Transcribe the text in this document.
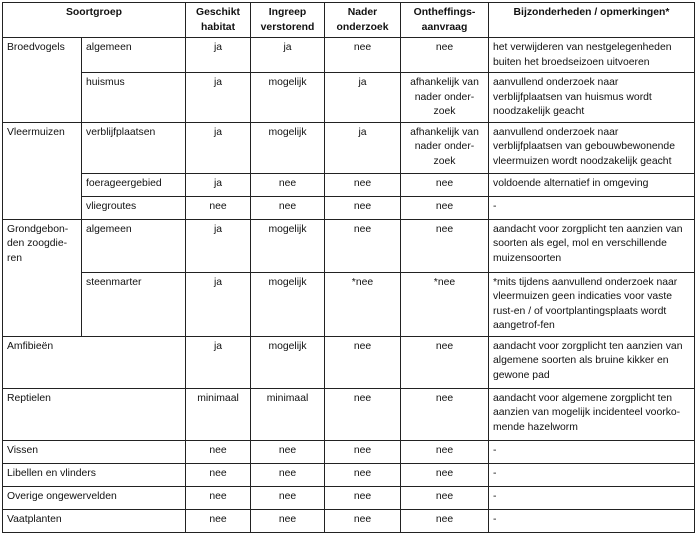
Soortgroep		Geschikt habitat	Ingreep verstorend	Nader onderzoek	Ontheffings-aanvraag	Bijzonderheden / opmerkingen*
Broedvogels	algemeen	ja	ja	nee	nee	het verwijderen van nestgelegenheden buiten het broedseizoen uitvoeren
	huismus	ja	mogelijk	ja	afhankelijk van nader onder-zoek	aanvullend onderzoek naar verblijfplaatsen van huismus wordt noodzakelijk geacht
Vleermuizen	verblijfplaatsen	ja	mogelijk	ja	afhankelijk van nader onder-zoek	aanvullend onderzoek naar verblijfplaatsen van gebouwbewonende vleermuizen wordt noodzakelijk geacht
	foerageergebied	ja	nee	nee	nee	voldoende alternatief in omgeving
	vliegroutes	nee	nee	nee	nee	-
Grondgebon-den zoogdie-ren	algemeen	ja	mogelijk	nee	nee	aandacht voor zorgplicht ten aanzien van soorten als egel, mol en verschillende muizensoorten
	steenmarter	ja	mogelijk	*nee	*nee	*mits tijdens aanvullend onderzoek naar vleermuizen geen indicaties voor vaste rust-en / of voortplantingsplaats wordt aangetrof-fen
Amfibieën		ja	mogelijk	nee	nee	aandacht voor zorgplicht ten aanzien van algemene soorten als bruine kikker en gewone pad
Reptielen		minimaal	minimaal	nee	nee	aandacht voor algemene zorgplicht ten aanzien van mogelijk incidenteel voorko-mende hazelworm
Vissen		nee	nee	nee	nee	-
Libellen en vlinders		nee	nee	nee	nee	-
Overige ongewervelden		nee	nee	nee	nee	-
Vaatplanten		nee	nee	nee	nee	-
